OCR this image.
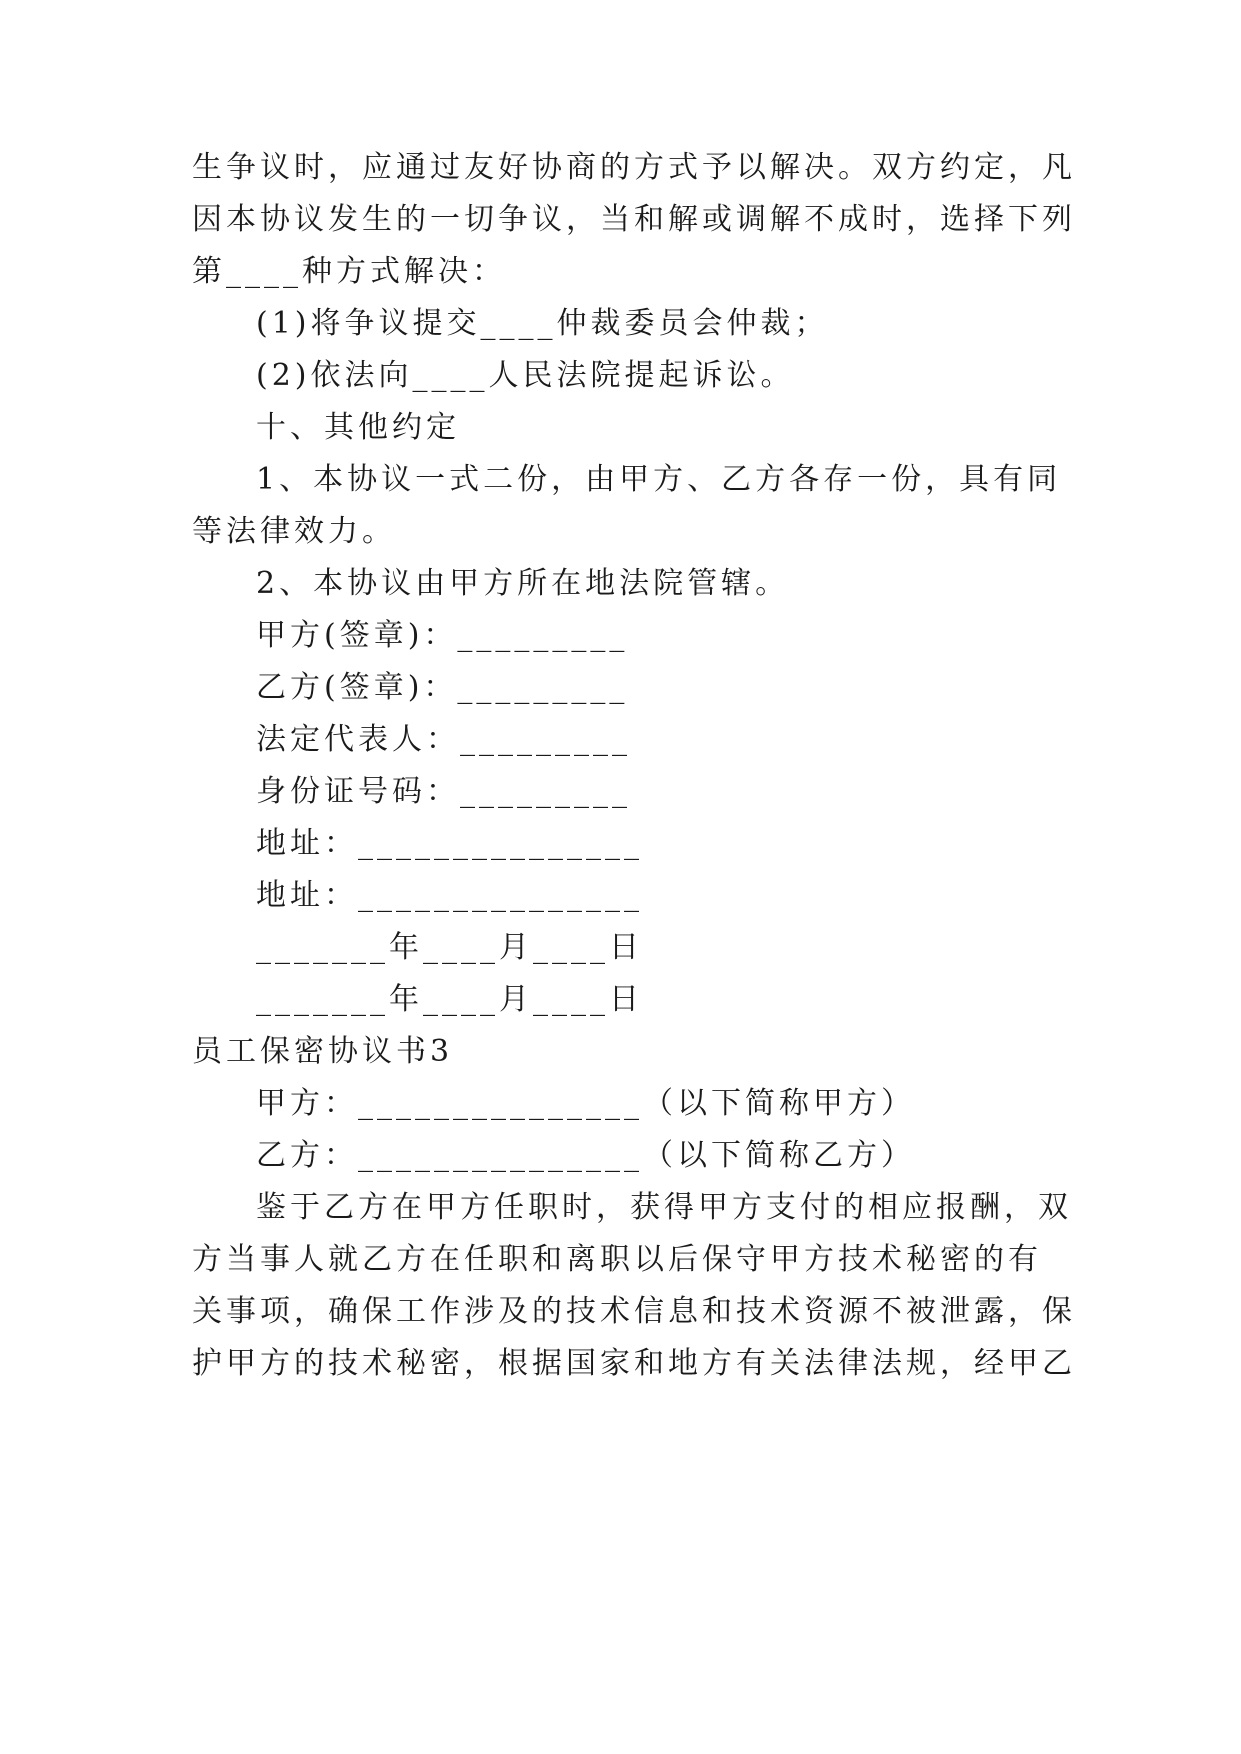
生争议时，应通过友好协商的方式予以解决。双方约定，凡
因本协议发生的一切争议，当和解或调解不成时，选择下列
第____种方式解决：
(1)将争议提交____仲裁委员会仲裁；
(2)依法向____人民法院提起诉讼。
十、其他约定
1、本协议一式二份，由甲方、乙方各存一份，具有同
等法律效力。
2、本协议由甲方所在地法院管辖。
甲方(签章)：_________
乙方(签章)：_________
法定代表人：_________
身份证号码：_________
地址：_______________
地址：_______________
_______年____月____日
_______年____月____日
员工保密协议书3
甲方：_______________（以下简称甲方）
乙方：_______________（以下简称乙方）
鉴于乙方在甲方任职时，获得甲方支付的相应报酬，双
方当事人就乙方在任职和离职以后保守甲方技术秘密的有
关事项，确保工作涉及的技术信息和技术资源不被泄露，保
护甲方的技术秘密，根据国家和地方有关法律法规，经甲乙
